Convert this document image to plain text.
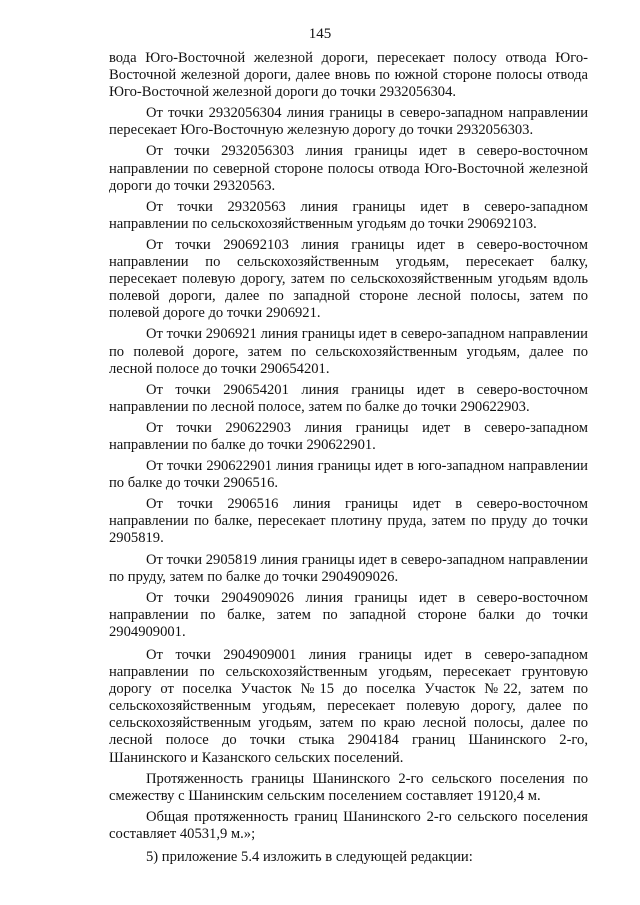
145

вода Юго-Восточной железной дороги, пересекает полосу отвода Юго-Восточной железной дороги, далее вновь по южной стороне полосы отвода Юго-Восточной железной дороги до точки 2932056304.

От точки 2932056304 линия границы в северо-западном направлении пересекает Юго-Восточную железную дорогу до точки 2932056303.

От точки 2932056303 линия границы идет в северо-восточном направлении по северной стороне полосы отвода Юго-Восточной железной дороги до точки 29320563.

От точки 29320563 линия границы идет в северо-западном направлении по сельскохозяйственным угодьям до точки 290692103.

От точки 290692103 линия границы идет в северо-восточном направлении по сельскохозяйственным угодьям, пересекает балку, пересекает полевую дорогу, затем по сельскохозяйственным угодьям вдоль полевой дороги, далее по западной стороне лесной полосы, затем по полевой дороге до точки 2906921.

От точки 2906921 линия границы идет в северо-западном направлении по полевой дороге, затем по сельскохозяйственным угодьям, далее по лесной полосе до точки 290654201.

От точки 290654201 линия границы идет в северо-восточном направлении по лесной полосе, затем по балке до точки 290622903.

От точки 290622903 линия границы идет в северо-западном направлении по балке до точки 290622901.

От точки 290622901 линия границы идет в юго-западном направлении по балке до точки 2906516.

От точки 2906516 линия границы идет в северо-восточном направлении по балке, пересекает плотину пруда, затем по пруду до точки 2905819.

От точки 2905819 линия границы идет в северо-западном направлении по пруду, затем по балке до точки 2904909026.

От точки 2904909026 линия границы идет в северо-восточном направлении по балке, затем по западной стороне балки до точки 2904909001.

От точки 2904909001 линия границы идет в северо-западном направлении по сельскохозяйственным угодьям, пересекает грунтовую дорогу от поселка Участок №15 до поселка Участок №22, затем по сельскохозяйственным угодьям, пересекает полевую дорогу, далее по сельскохозяйственным угодьям, затем по краю лесной полосы, далее по лесной полосе до точки стыка 2904184 границ Шанинского 2-го, Шанинского и Казанского сельских поселений.

Протяженность границы Шанинского 2-го сельского поселения по смежеству с Шанинским сельским поселением составляет 19120,4 м.

Общая протяженность границ Шанинского 2-го сельского поселения составляет 40531,9 м.»;

5) приложение 5.4 изложить в следующей редакции:
